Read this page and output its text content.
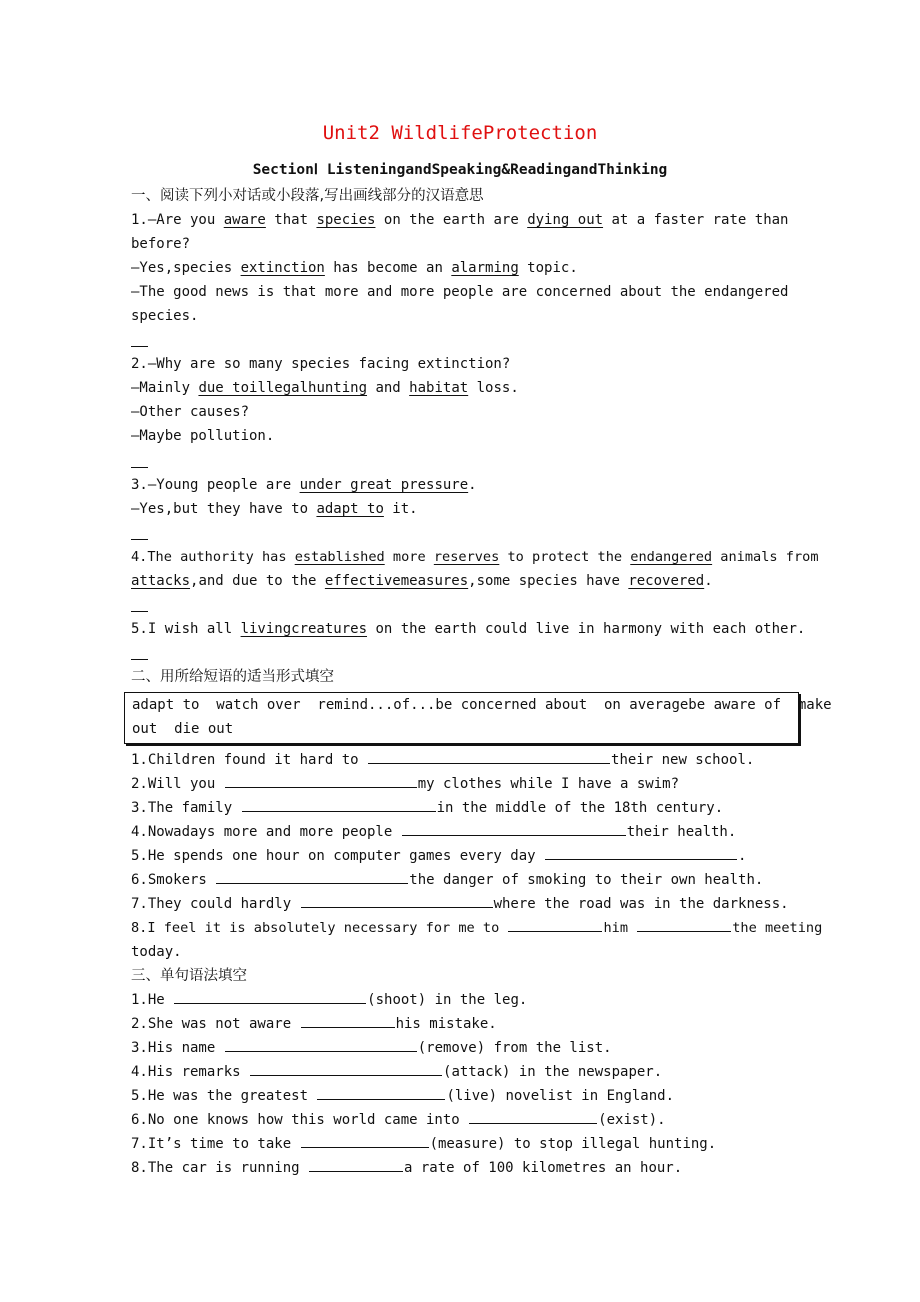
Unit2 WildlifeProtection
SectionⅠ ListeningandSpeaking&ReadingandThinking
一、阅读下列小对话或小段落,写出画线部分的汉语意思
1.—Are you aware that species on the earth are dying out at a faster rate than
before?
—Yes,species extinction has become an alarming topic.
—The good news is that more and more people are concerned about the endangered
species.
2.—Why are so many species facing extinction?
—Mainly due toillegalhunting and habitat loss.
—Other causes?
—Maybe pollution.
3.—Young people are under great pressure.
—Yes,but they have to adapt to it.
4.The authority has established more reserves to protect the endangered animals from
attacks,and due to the effectivemeasures,some species have recovered.
5.I wish all livingcreatures on the earth could live in harmony with each other.
二、用所给短语的适当形式填空
adapt to  watch over  remind...of...be concerned about  on averagebe aware of  make
out  die out
1.Children found it hard to	their new school.
2.Will you	my clothes while I have a swim?
3.The family	in the middle of the 18th century.
4.Nowadays more and more people	their health.
5.He spends one hour on computer games every day	.
6.Smokers	the danger of smoking to their own health.
7.They could hardly	where the road was in the darkness.
8.I feel it is absolutely necessary for me to	him	the meeting
today.
三、单句语法填空
1.He	(shoot) in the leg.
2.She was not aware	his mistake.
3.His name	(remove) from the list.
4.His remarks	(attack) in the newspaper.
5.He was the greatest	(live) novelist in England.
6.No one knows how this world came into	(exist).
7.It’s time to take	(measure) to stop illegal hunting.
8.The car is running	a rate of 100 kilometres an hour.
